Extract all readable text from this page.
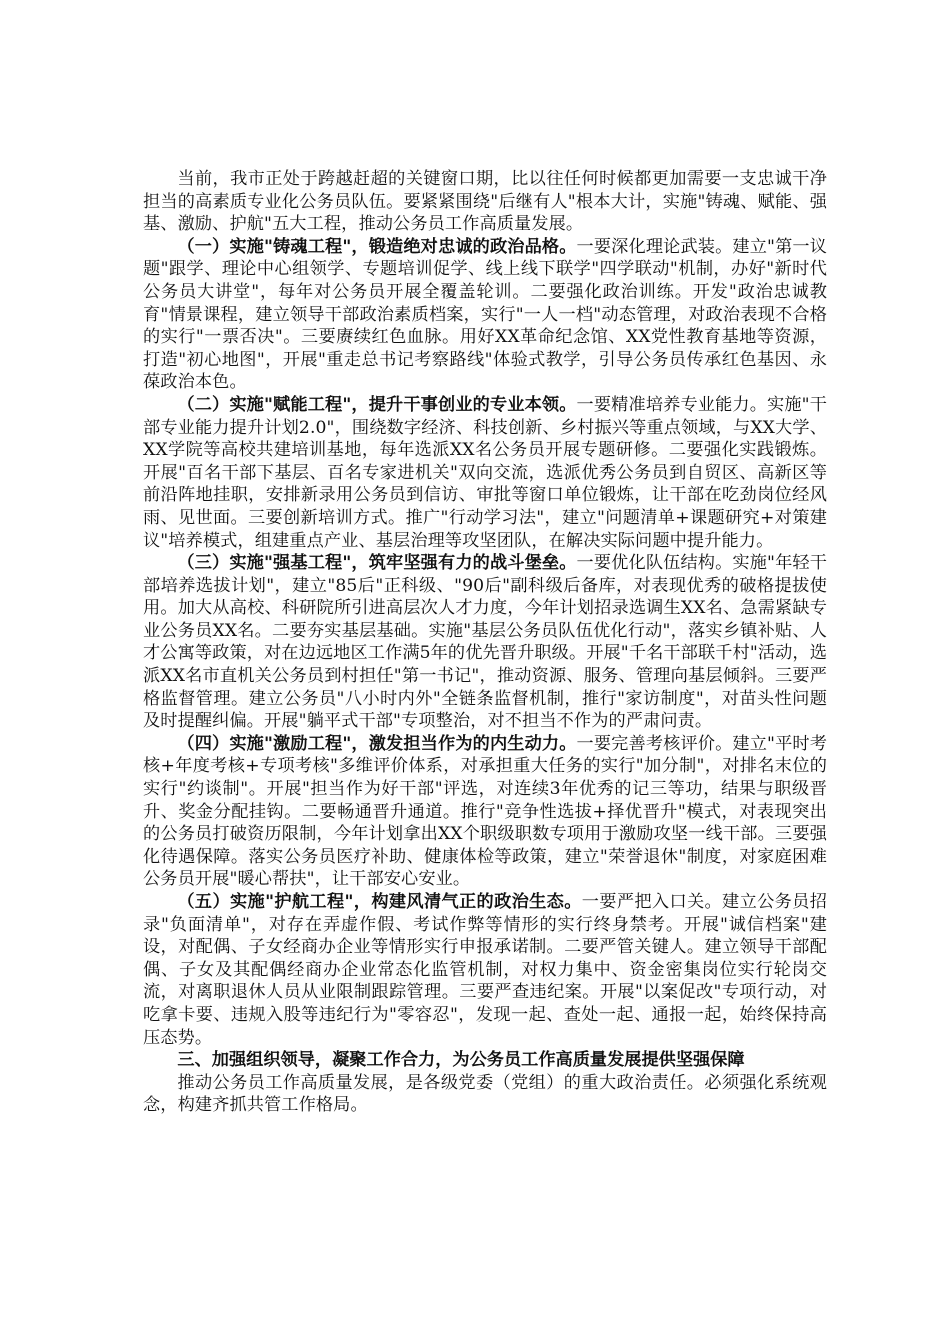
当前，我市正处于跨越赶超的关键窗口期，比以往任何时候都更加需要一支忠诚干净担当的高素质专业化公务员队伍。要紧紧围绕"后继有人"根本大计，实施"铸魂、赋能、强基、激励、护航"五大工程，推动公务员工作高质量发展。

（一）实施"铸魂工程"，锻造绝对忠诚的政治品格。一要深化理论武装。建立"第一议题"跟学、理论中心组领学、专题培训促学、线上线下联学"四学联动"机制，办好"新时代公务员大讲堂"，每年对公务员开展全覆盖轮训。二要强化政治训练。开发"政治忠诚教育"情景课程，建立领导干部政治素质档案，实行"一人一档"动态管理，对政治表现不合格的实行"一票否决"。三要赓续红色血脉。用好XX革命纪念馆、XX党性教育基地等资源，打造"初心地图"，开展"重走总书记考察路线"体验式教学，引导公务员传承红色基因、永葆政治本色。

（二）实施"赋能工程"，提升干事创业的专业本领。一要精准培养专业能力。实施"干部专业能力提升计划2.0"，围绕数字经济、科技创新、乡村振兴等重点领域，与XX大学、XX学院等高校共建培训基地，每年选派XX名公务员开展专题研修。二要强化实践锻炼。开展"百名干部下基层、百名专家进机关"双向交流，选派优秀公务员到自贸区、高新区等前沿阵地挂职，安排新录用公务员到信访、审批等窗口单位锻炼，让干部在吃劲岗位经风雨、见世面。三要创新培训方式。推广"行动学习法"，建立"问题清单+课题研究+对策建议"培养模式，组建重点产业、基层治理等攻坚团队，在解决实际问题中提升能力。

（三）实施"强基工程"，筑牢坚强有力的战斗堡垒。一要优化队伍结构。实施"年轻干部培养选拔计划"，建立"85后"正科级、"90后"副科级后备库，对表现优秀的破格提拔使用。加大从高校、科研院所引进高层次人才力度，今年计划招录选调生XX名、急需紧缺专业公务员XX名。二要夯实基层基础。实施"基层公务员队伍优化行动"，落实乡镇补贴、人才公寓等政策，对在边远地区工作满5年的优先晋升职级。开展"千名干部联千村"活动，选派XX名市直机关公务员到村担任"第一书记"，推动资源、服务、管理向基层倾斜。三要严格监督管理。建立公务员"八小时内外"全链条监督机制，推行"家访制度"，对苗头性问题及时提醒纠偏。开展"躺平式干部"专项整治，对不担当不作为的严肃问责。

（四）实施"激励工程"，激发担当作为的内生动力。一要完善考核评价。建立"平时考核+年度考核+专项考核"多维评价体系，对承担重大任务的实行"加分制"，对排名末位的实行"约谈制"。开展"担当作为好干部"评选，对连续3年优秀的记三等功，结果与职级晋升、奖金分配挂钩。二要畅通晋升通道。推行"竞争性选拔+择优晋升"模式，对表现突出的公务员打破资历限制，今年计划拿出XX个职级职数专项用于激励攻坚一线干部。三要强化待遇保障。落实公务员医疗补助、健康体检等政策，建立"荣誉退休"制度，对家庭困难公务员开展"暖心帮扶"，让干部安心安业。

（五）实施"护航工程"，构建风清气正的政治生态。一要严把入口关。建立公务员招录"负面清单"，对存在弄虚作假、考试作弊等情形的实行终身禁考。开展"诚信档案"建设，对配偶、子女经商办企业等情形实行申报承诺制。二要严管关键人。建立领导干部配偶、子女及其配偶经商办企业常态化监管机制，对权力集中、资金密集岗位实行轮岗交流，对离职退休人员从业限制跟踪管理。三要严查违纪案。开展"以案促改"专项行动，对吃拿卡要、违规入股等违纪行为"零容忍"，发现一起、查处一起、通报一起，始终保持高压态势。

三、加强组织领导，凝聚工作合力，为公务员工作高质量发展提供坚强保障

推动公务员工作高质量发展，是各级党委（党组）的重大政治责任。必须强化系统观念，构建齐抓共管工作格局。
